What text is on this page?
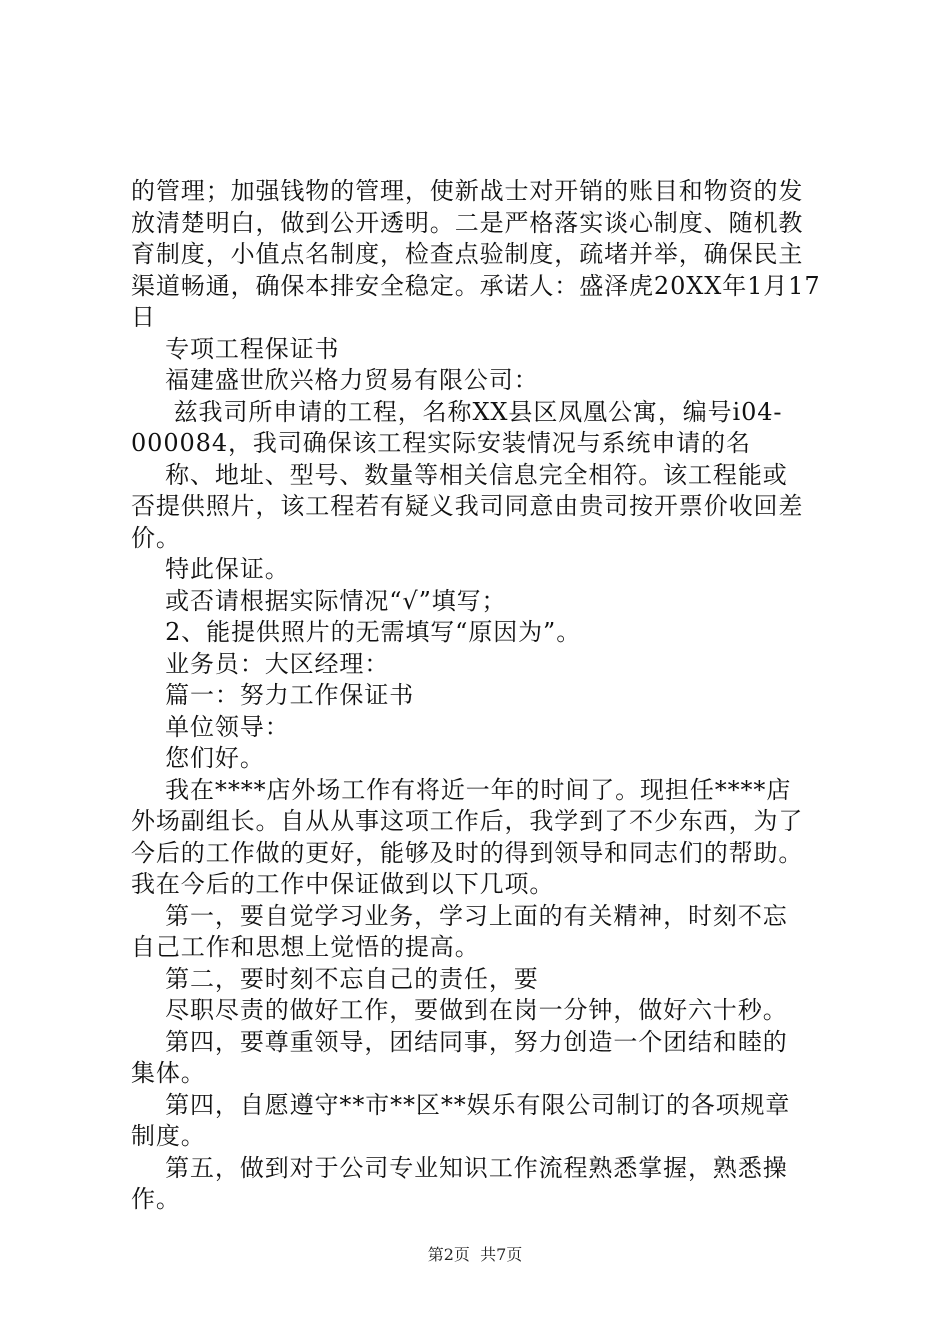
的管理；加强钱物的管理，使新战士对开销的账目和物资的发
放清楚明白，做到公开透明。二是严格落实谈心制度、随机教
育制度，小值点名制度，检查点验制度，疏堵并举，确保民主
渠道畅通，确保本排安全稳定。承诺人：盛泽虎20XX年1月17
日
专项工程保证书
福建盛世欣兴格力贸易有限公司：
兹我司所申请的工程，名称XX县区凤凰公寓，编号i04-
000084，我司确保该工程实际安装情况与系统申请的名
称、地址、型号、数量等相关信息完全相符。该工程能或
否提供照片，该工程若有疑义我司同意由贵司按开票价收回差
价。
特此保证。
或否请根据实际情况“√”填写；
2、能提供照片的无需填写“原因为”。
业务员：大区经理：
篇一：努力工作保证书
单位领导：
您们好。
我在****店外场工作有将近一年的时间了。现担任****店
外场副组长。自从从事这项工作后，我学到了不少东西，为了
今后的工作做的更好，能够及时的得到领导和同志们的帮助。
我在今后的工作中保证做到以下几项。
第一，要自觉学习业务，学习上面的有关精神，时刻不忘
自己工作和思想上觉悟的提高。
第二，要时刻不忘自己的责任，要
尽职尽责的做好工作，要做到在岗一分钟，做好六十秒。
第四，要尊重领导，团结同事，努力创造一个团结和睦的
集体。
第四，自愿遵守**市**区**娱乐有限公司制订的各项规章
制度。
第五，做到对于公司专业知识工作流程熟悉掌握，熟悉操
作。
第2页  共7页
